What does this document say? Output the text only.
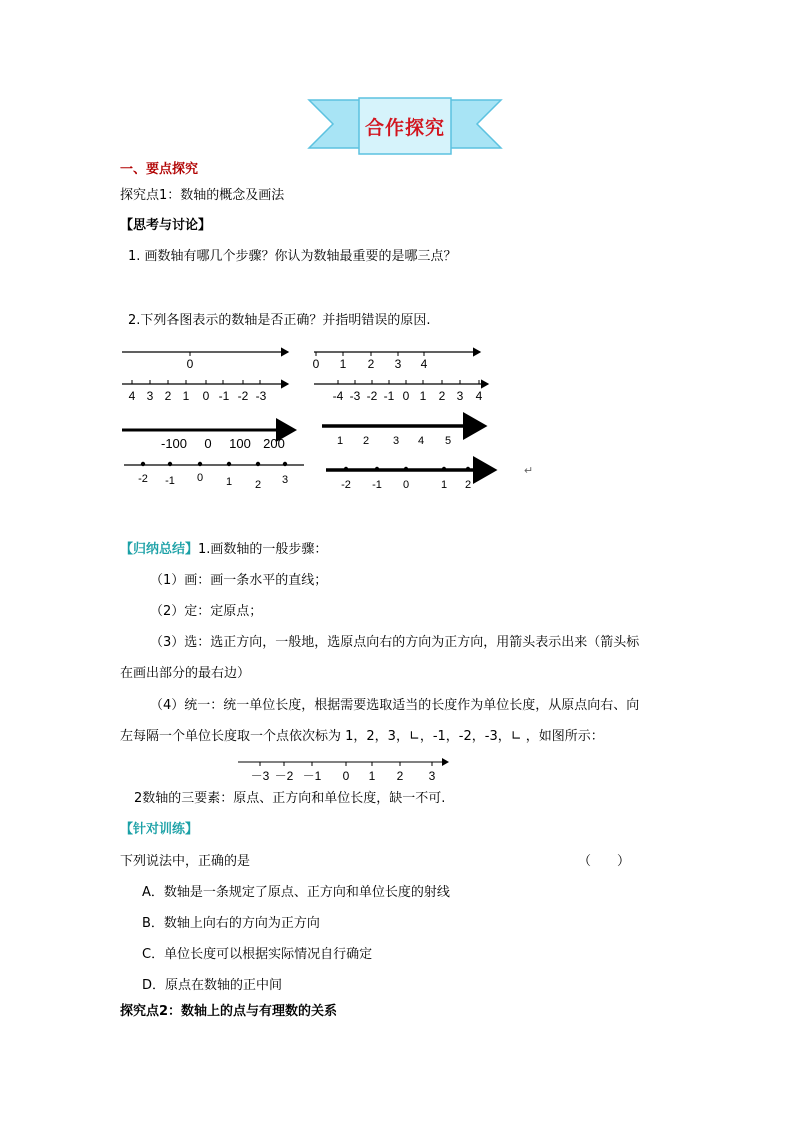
合作探究
一、要点探究
探究点1：数轴的概念及画法
【思考与讨论】
1. 画数轴有哪几个步骤？你认为数轴最重要的是哪三点？
2.下列各图表示的数轴是否正确？并指明错误的原因.
↵
0	0 1 2 3 4
4 3 2 1 0 -1 -2 -3	-4 -3 -2 -1 0 1 2 3 4
-100 0 100 200	1 2 3 4 5
-2 -1 0 1 2 3	-2 -1 0	1 2
【归纳总结】1.画数轴的一般步骤：
（1）画：画一条水平的直线；
（2）定：定原点；
（3）选：选正方向，一般地，选原点向右的方向为正方向，用箭头表示出来（箭头标
在画出部分的最右边）
（4）统一：统一单位长度，根据需要选取适当的长度作为单位长度，从原点向右、向
左每隔一个单位长度取一个点依次标为 1，2，3，∟，-1，-2，-3，∟ ，如图所示：
－3 －2 －1 0 1 2 3
2数轴的三要素：原点、正方向和单位长度，缺一不可.
【针对训练】
下列说法中，正确的是	（　　）
A．数轴是一条规定了原点、正方向和单位长度的射线
B．数轴上向右的方向为正方向
C．单位长度可以根据实际情况自行确定
D．原点在数轴的正中间
探究点2：数轴上的点与有理数的关系
